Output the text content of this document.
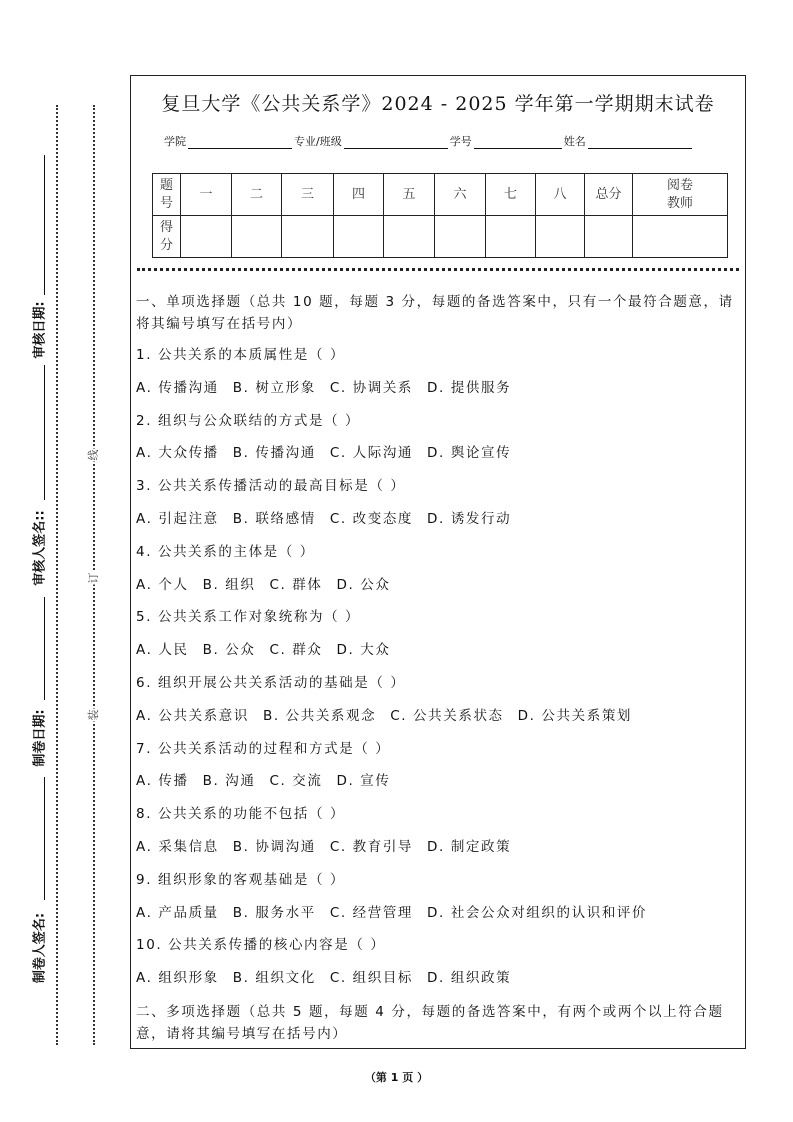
审核日期:
审核人签名::
制卷日期:
制卷人签名:
线
订
装
复旦大学《公共关系学》2024 - 2025 学年第一学期期末试卷
学院	专业/班级	学号	姓名
题号	一	二	三	四	五	六	七	八	总分	阅卷教师
得分										
一、单项选择题（总共 10 题，每题 3 分，每题的备选答案中，只有一个最符合题意，请将其编号填写在括号内）
1. 公共关系的本质属性是（ ）
A. 传播沟通 B. 树立形象 C. 协调关系 D. 提供服务
2. 组织与公众联结的方式是（ ）
A. 大众传播 B. 传播沟通 C. 人际沟通 D. 舆论宣传
3. 公共关系传播活动的最高目标是（ ）
A. 引起注意 B. 联络感情 C. 改变态度 D. 诱发行动
4. 公共关系的主体是（ ）
A. 个人 B. 组织 C. 群体 D. 公众
5. 公共关系工作对象统称为（ ）
A. 人民 B. 公众 C. 群众 D. 大众
6. 组织开展公共关系活动的基础是（ ）
A. 公共关系意识 B. 公共关系观念 C. 公共关系状态 D. 公共关系策划
7. 公共关系活动的过程和方式是（ ）
A. 传播 B. 沟通 C. 交流 D. 宣传
8. 公共关系的功能不包括（ ）
A. 采集信息 B. 协调沟通 C. 教育引导 D. 制定政策
9. 组织形象的客观基础是（ ）
A. 产品质量 B. 服务水平 C. 经营管理 D. 社会公众对组织的认识和评价
10. 公共关系传播的核心内容是（ ）
A. 组织形象 B. 组织文化 C. 组织目标 D. 组织政策
二、多项选择题（总共 5 题，每题 4 分，每题的备选答案中，有两个或两个以上符合题意，请将其编号填写在括号内）
（第 1 页 ）
